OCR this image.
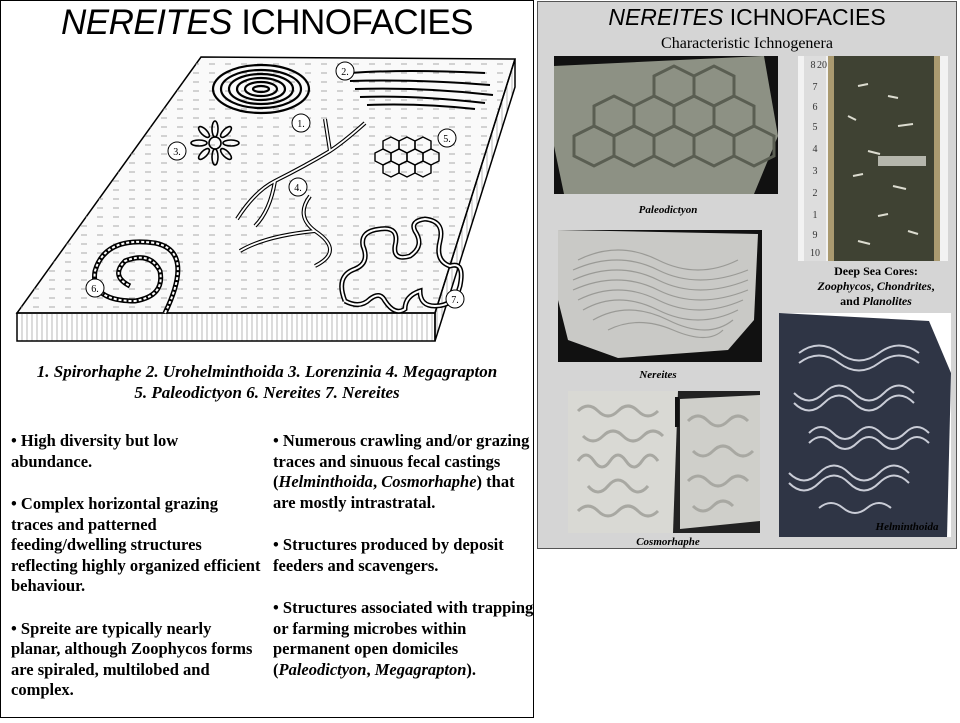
NEREITES ICHNOFACIES
1.
2.
3.
4.
5.
6.
7.
1. Spirorhaphe 2. Urohelminthoida 3. Lorenzinia 4. Megagrapton
5. Paleodictyon 6. Nereites 7. Nereites

• High diversity but low abundance.

• Complex horizontal grazing traces and patterned feeding/dwelling structures reflecting highly organized efficient behaviour.

• Spreite are typically nearly planar, although Zoophycos forms are spiraled, multilobed and complex.

• Numerous crawling and/or grazing traces and sinuous fecal castings (Helminthoida, Cosmorhaphe) that are mostly intrastratal.

• Structures produced by deposit feeders and scavengers.

• Structures associated with trapping or farming microbes within permanent open domiciles (Paleodictyon, Megagrapton).

NEREITES ICHNOFACIES
Characteristic Ichnogenera
Paleodictyon
8 20
7
6
5
4
3
2
1
9
10
Deep Sea Cores:
Zoophycos, Chondrites,
and Planolites
Nereites
Cosmorhaphe
Helminthoida
